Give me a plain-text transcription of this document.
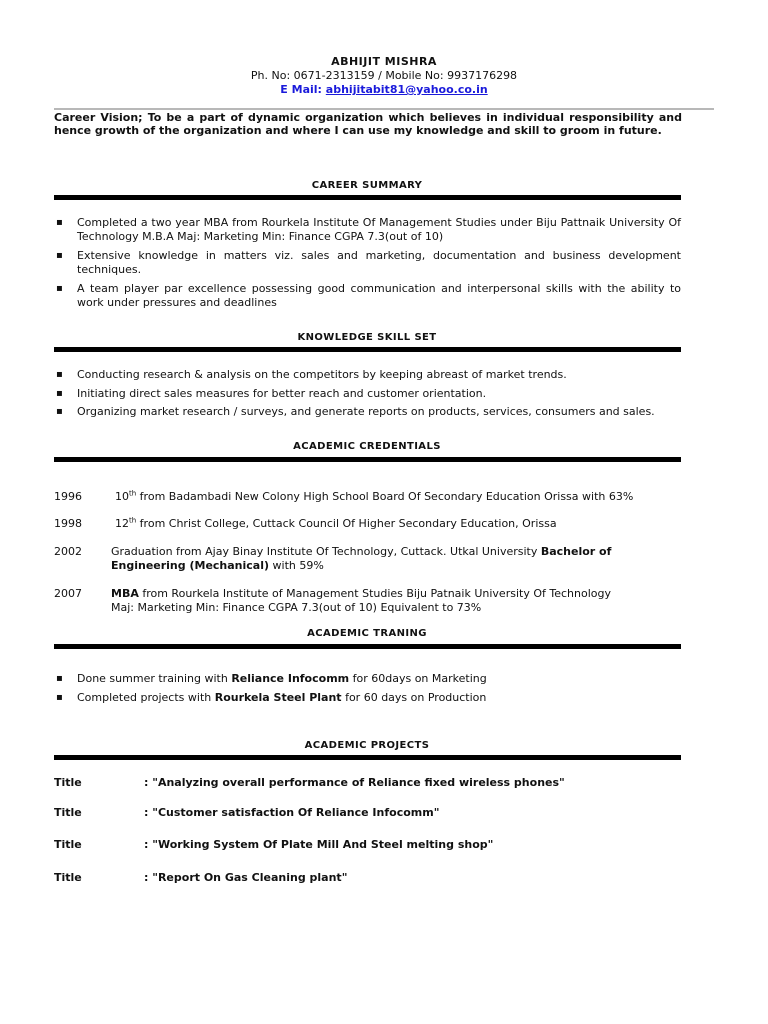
ABHIJIT MISHRA
Ph. No: 0671-2313159 / Mobile No: 9937176298
E Mail: abhijitabit81@yahoo.co.in
Career Vision; To be a part of dynamic organization which believes in individual responsibility and hence growth of the organization and where I can use my knowledge and skill to groom in future.
CAREER SUMMARY
▪ Completed a two year MBA from Rourkela Institute Of Management Studies under Biju Pattnaik University Of Technology M.B.A Maj: Marketing Min: Finance CGPA 7.3(out of 10)
▪ Extensive knowledge in matters viz. sales and marketing, documentation and business development techniques.
▪ A team player par excellence possessing good communication and interpersonal skills with the ability to work under pressures and deadlines
KNOWLEDGE SKILL SET
▪ Conducting research & analysis on the competitors by keeping abreast of market trends.
▪ Initiating direct sales measures for better reach and customer orientation.
▪ Organizing market research / surveys, and generate reports on products, services, consumers and sales.
ACADEMIC CREDENTIALS
1996	10th from Badambadi New Colony High School Board Of Secondary Education Orissa with 63%
1998	12th from Christ College, Cuttack Council Of Higher Secondary Education, Orissa
2002	Graduation from Ajay Binay Institute Of Technology, Cuttack. Utkal University Bachelor of Engineering (Mechanical) with 59%
2007	MBA from Rourkela Institute of Management Studies Biju Patnaik University Of Technology
Maj: Marketing Min: Finance CGPA 7.3(out of 10) Equivalent to 73%
ACADEMIC TRANING
▪ Done summer training with Reliance Infocomm for 60days on Marketing
▪ Completed projects with Rourkela Steel Plant for 60 days on Production
ACADEMIC PROJECTS
Title	: "Analyzing overall performance of Reliance fixed wireless phones"
Title	: "Customer satisfaction Of Reliance Infocomm"
Title	: "Working System Of Plate Mill And Steel melting shop"
Title	: "Report On Gas Cleaning plant"
